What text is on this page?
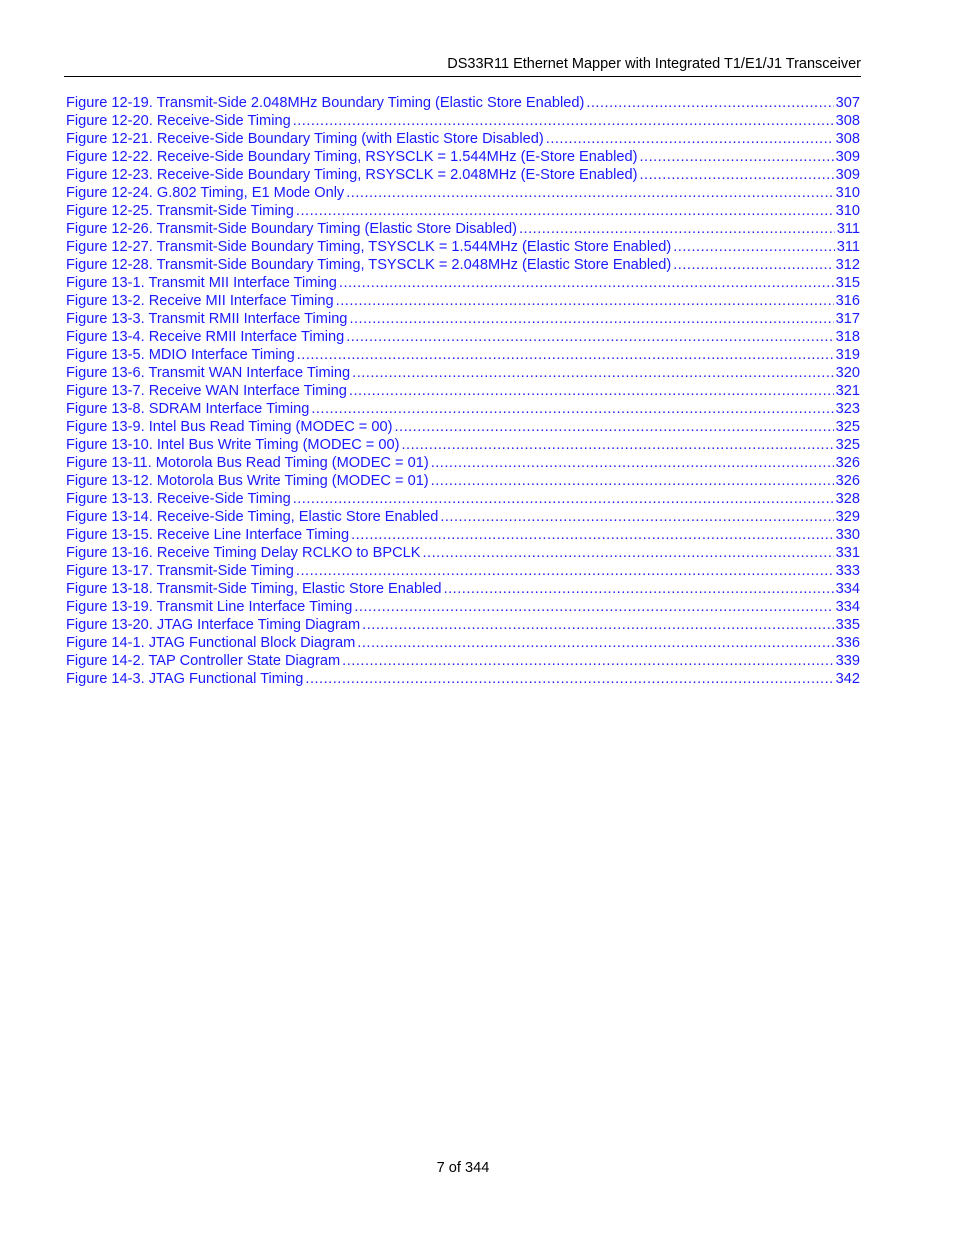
DS33R11 Ethernet Mapper with Integrated T1/E1/J1 Transceiver
Figure 12-19. Transmit-Side 2.048MHz Boundary Timing (Elastic Store Enabled) .....	307
Figure 12-20. Receive-Side Timing .....	308
Figure 12-21. Receive-Side Boundary Timing (with Elastic Store Disabled) .....	308
Figure 12-22. Receive-Side Boundary Timing, RSYSCLK = 1.544MHz (E-Store Enabled) .....	309
Figure 12-23. Receive-Side Boundary Timing, RSYSCLK = 2.048MHz (E-Store Enabled) .....	309
Figure 12-24. G.802 Timing, E1 Mode Only .....	310
Figure 12-25. Transmit-Side Timing .....	310
Figure 12-26. Transmit-Side Boundary Timing (Elastic Store Disabled) .....	311
Figure 12-27. Transmit-Side Boundary Timing, TSYSCLK = 1.544MHz (Elastic Store Enabled) .....	311
Figure 12-28. Transmit-Side Boundary Timing, TSYSCLK = 2.048MHz (Elastic Store Enabled) .....	312
Figure 13-1. Transmit MII Interface Timing .....	315
Figure 13-2. Receive MII Interface Timing .....	316
Figure 13-3. Transmit RMII Interface Timing .....	317
Figure 13-4. Receive RMII Interface Timing .....	318
Figure 13-5. MDIO Interface Timing .....	319
Figure 13-6. Transmit WAN Interface Timing .....	320
Figure 13-7. Receive WAN Interface Timing .....	321
Figure 13-8. SDRAM Interface Timing .....	323
Figure 13-9. Intel Bus Read Timing (MODEC = 00) .....	325
Figure 13-10. Intel Bus Write Timing (MODEC = 00) .....	325
Figure 13-11. Motorola Bus Read Timing (MODEC = 01) .....	326
Figure 13-12. Motorola Bus Write Timing (MODEC = 01) .....	326
Figure 13-13. Receive-Side Timing .....	328
Figure 13-14. Receive-Side Timing, Elastic Store Enabled .....	329
Figure 13-15. Receive Line Interface Timing .....	330
Figure 13-16. Receive Timing Delay RCLKO to BPCLK .....	331
Figure 13-17. Transmit-Side Timing .....	333
Figure 13-18. Transmit-Side Timing, Elastic Store Enabled .....	334
Figure 13-19. Transmit Line Interface Timing .....	334
Figure 13-20. JTAG Interface Timing Diagram .....	335
Figure 14-1. JTAG Functional Block Diagram .....	336
Figure 14-2. TAP Controller State Diagram .....	339
Figure 14-3. JTAG Functional Timing .....	342
7 of 344
